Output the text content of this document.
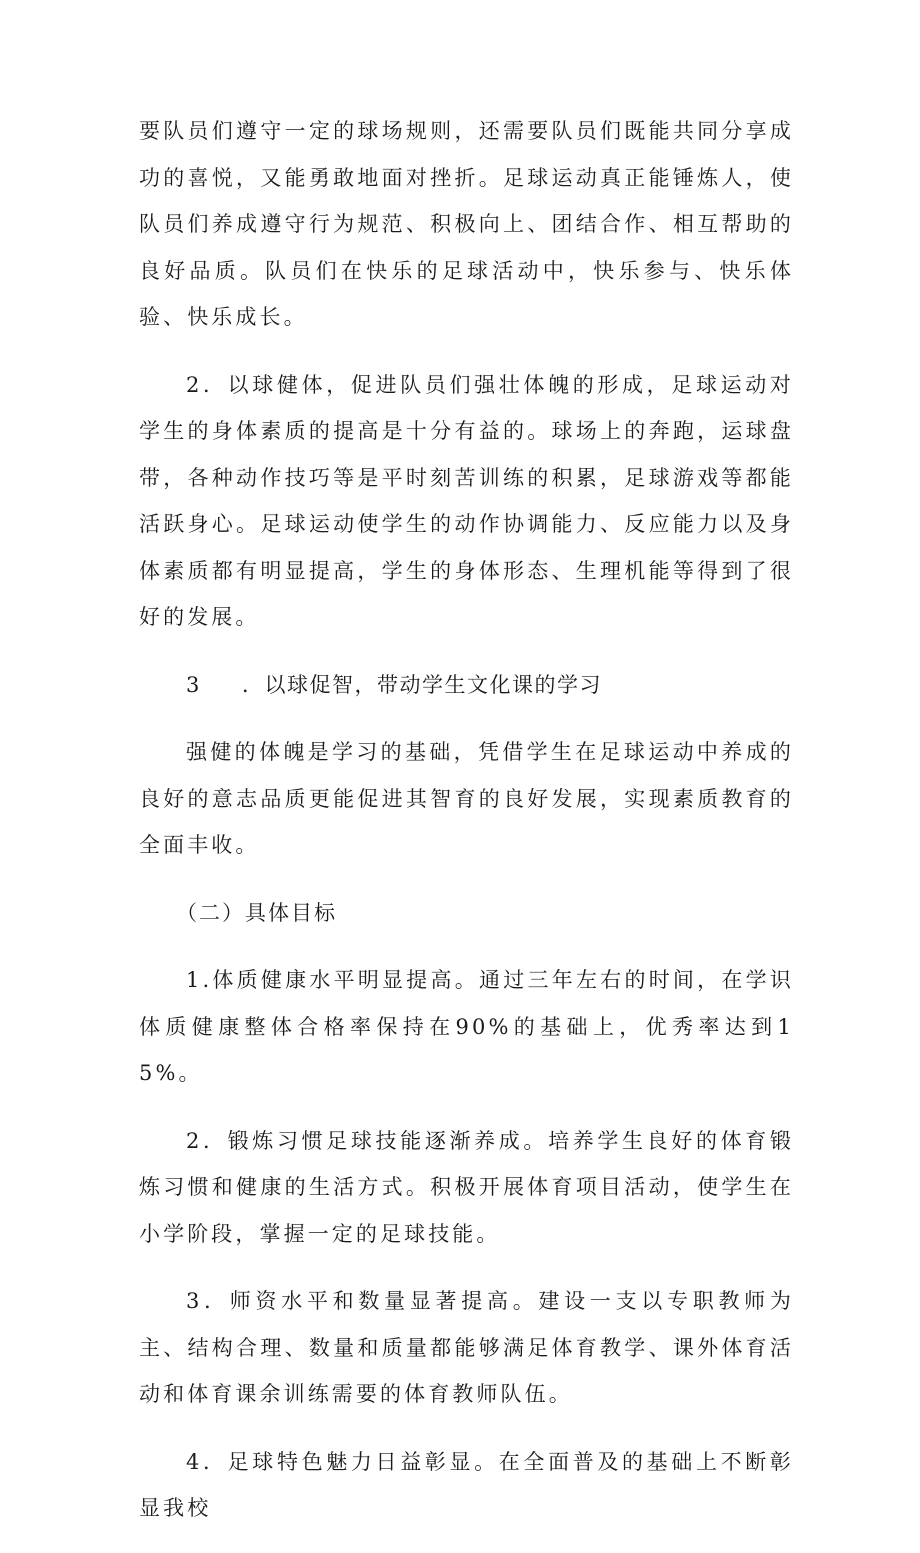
要队员们遵守一定的球场规则，还需要队员们既能共同分享成功的喜悦，又能勇敢地面对挫折。足球运动真正能锤炼人，使队员们养成遵守行为规范、积极向上、团结合作、相互帮助的良好品质。队员们在快乐的足球活动中，快乐参与、快乐体验、快乐成长。

2．以球健体，促进队员们强壮体魄的形成，足球运动对学生的身体素质的提高是十分有益的。球场上的奔跑，运球盘带，各种动作技巧等是平时刻苦训练的积累，足球游戏等都能活跃身心。足球运动使学生的动作协调能力、反应能力以及身体素质都有明显提高，学生的身体形态、生理机能等得到了很好的发展。

3 ．以球促智，带动学生文化课的学习

强健的体魄是学习的基础，凭借学生在足球运动中养成的良好的意志品质更能促进其智育的良好发展，实现素质教育的全面丰收。

（二）具体目标

1.体质健康水平明显提高。通过三年左右的时间，在学识体质健康整体合格率保持在90%的基础上，优秀率达到15%。

2．锻炼习惯足球技能逐渐养成。培养学生良好的体育锻炼习惯和健康的生活方式。积极开展体育项目活动，使学生在小学阶段，掌握一定的足球技能。

3．师资水平和数量显著提高。建设一支以专职教师为主、结构合理、数量和质量都能够满足体育教学、课外体育活动和体育课余训练需要的体育教师队伍。

4．足球特色魅力日益彰显。在全面普及的基础上不断彰显我校
